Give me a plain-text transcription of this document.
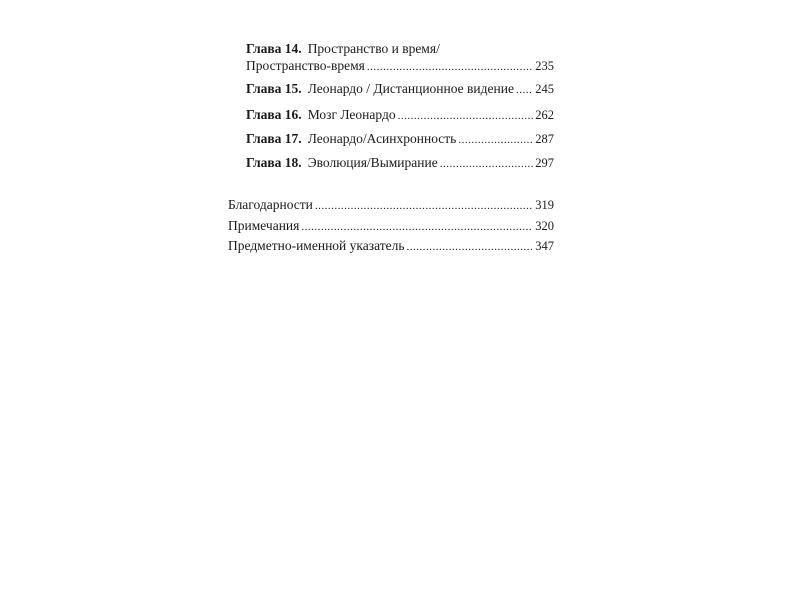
Глава 14. Пространство и время/
Пространство-время .....	235
Глава 15. Леонардо / Дистанционное видение ..... 245
Глава 16. Мозг Леонардо .....	262
Глава 17. Леонардо/Асинхронность .....	287
Глава 18. Эволюция/Вымирание .....	297
Благодарности .....	319
Примечания .....	320
Предметно-именной указатель .....	347
